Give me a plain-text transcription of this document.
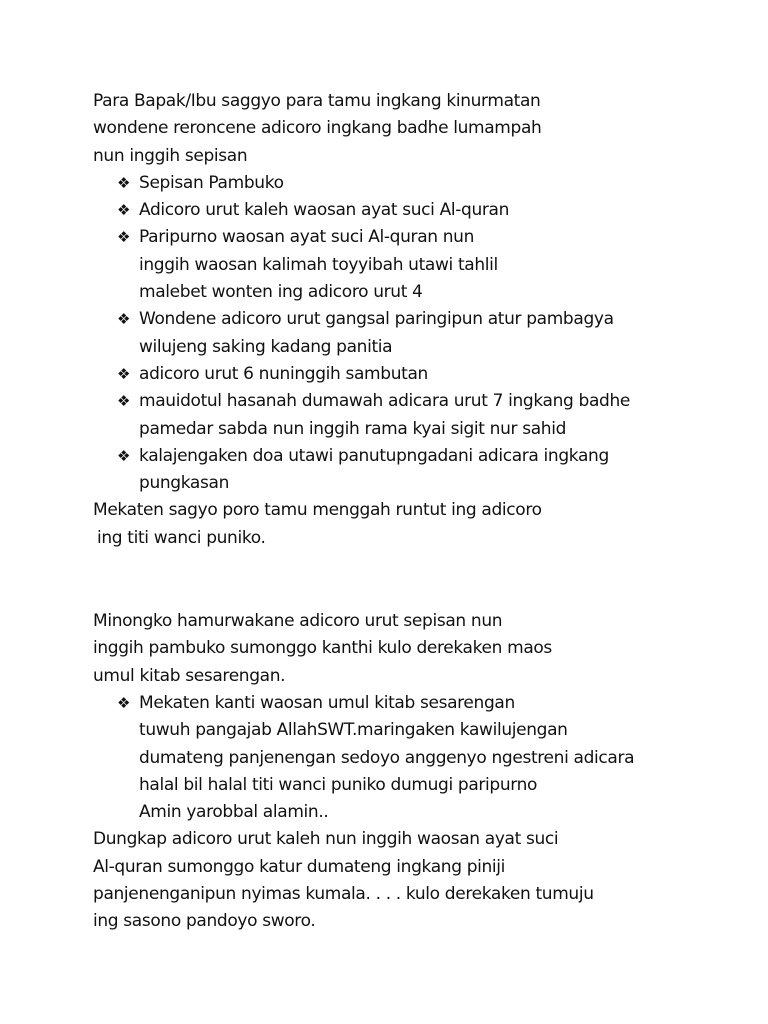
Para Bapak/Ibu saggyo para tamu ingkang kinurmatan
wondene reroncene adicoro ingkang badhe lumampah
nun inggih sepisan
❖ Sepisan Pambuko
❖ Adicoro urut kaleh waosan ayat suci Al-quran
❖ Paripurno waosan ayat suci Al-quran nun
inggih waosan kalimah toyyibah utawi tahlil
malebet wonten ing adicoro urut 4
❖ Wondene adicoro urut gangsal paringipun atur pambagya
wilujeng saking kadang panitia
❖ adicoro urut 6 nuninggih sambutan
❖ mauidotul hasanah dumawah adicara urut 7 ingkang badhe
pamedar sabda nun inggih rama kyai sigit nur sahid
❖ kalajengaken doa utawi panutupngadani adicara ingkang
pungkasan
Mekaten sagyo poro tamu menggah runtut ing adicoro
ing titi wanci puniko.
Minongko hamurwakane adicoro urut sepisan nun
inggih pambuko sumonggo kanthi kulo derekaken maos
umul kitab sesarengan.
❖ Mekaten kanti waosan umul kitab sesarengan
tuwuh pangajab AllahSWT.maringaken kawilujengan
dumateng panjenengan sedoyo anggenyo ngestreni adicara
halal bil halal titi wanci puniko dumugi paripurno
Amin yarobbal alamin..
Dungkap adicoro urut kaleh nun inggih waosan ayat suci
Al-quran sumonggo katur dumateng ingkang piniji
panjenenganipun nyimas kumala. . . . kulo derekaken tumuju
ing sasono pandoyo sworo.
